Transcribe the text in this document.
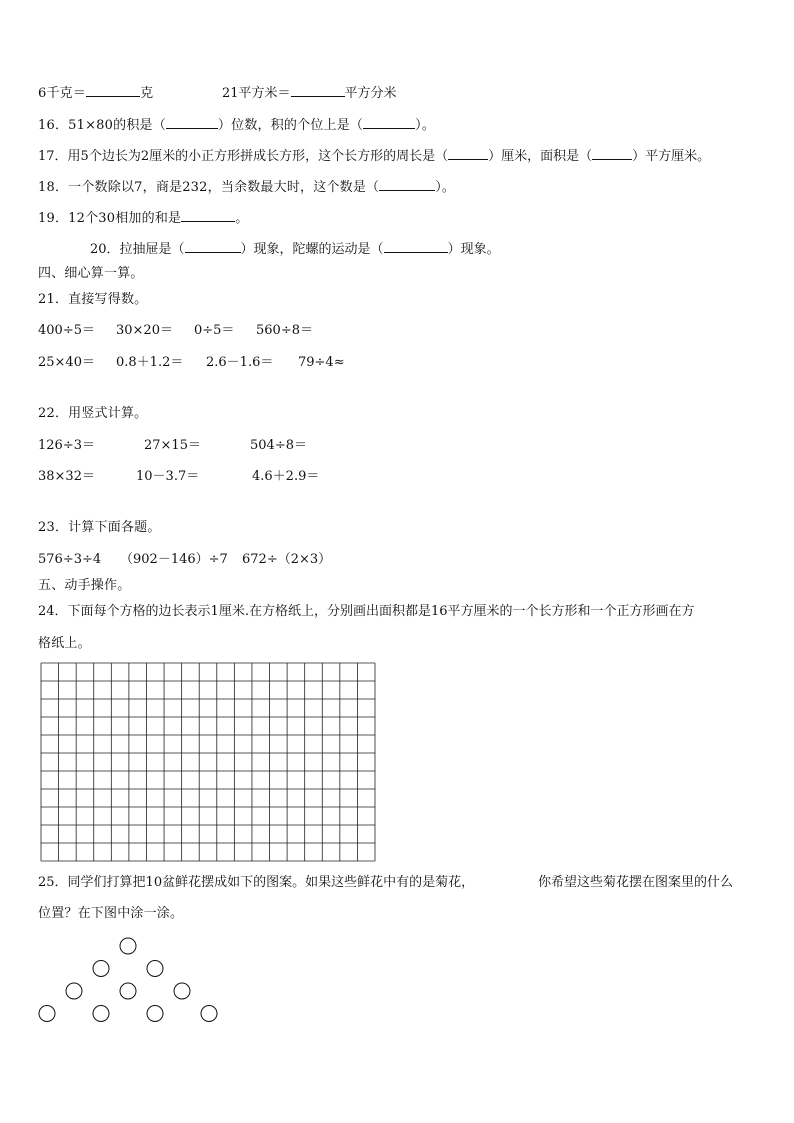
6千克＝	克	21平方米＝	平方分米
16．51×80的积是（	）位数，积的个位上是（	）。
17．用5个边长为2厘米的小正方形拼成长方形，这个长方形的周长是（	）厘米，面积是（	）平方厘米。
18．一个数除以7，商是232，当余数最大时，这个数是（	）。
19．12个30相加的和是	。
20．拉抽屉是（	）现象，陀螺的运动是（	）现象。
四、细心算一算。
21．直接写得数。
400÷5＝ 30×20＝ 0÷5＝ 560÷8＝
25×40＝ 0.8＋1.2＝ 2.6－1.6＝ 79÷4≈
22．用竖式计算。
126÷3＝	27×15＝	504÷8＝
38×32＝	10－3.7＝	4.6＋2.9＝
23．计算下面各题。
576÷3÷4 （902－146）÷7 672÷（2×3）
五、动手操作。
24．下面每个方格的边长表示1厘米.在方格纸上，分别画出面积都是16平方厘米的一个长方形和一个正方形画在方
格纸上。
25．同学们打算把10盆鲜花摆成如下的图案。如果这些鲜花中有的是菊花，	你希望这些菊花摆在图案里的什么
位置？在下图中涂一涂。
